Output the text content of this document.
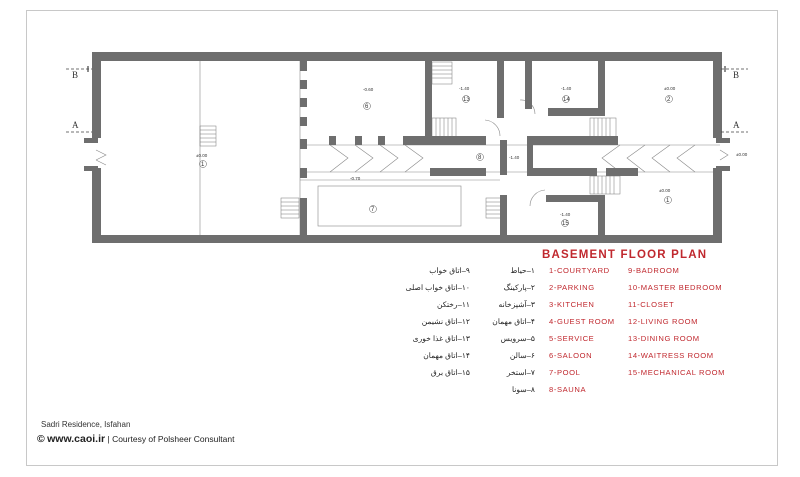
B	B
A	A
-0.60	-1.40	-1.40	±0.00
±0.00
-0.70
-1.40
±0.00
±0.00
-1.40
1
6
13	14	2
8
7
15
1
BASEMENT FLOOR PLAN
1-COURTYARD
2-PARKING
3-KITCHEN
4-GUEST ROOM
5-SERVICE
6-SALOON
7-POOL
8-SAUNA
9-BADROOM
10-MASTER BEDROOM
11-CLOSET
12-LIVING ROOM
13-DINING ROOM
14-WAITRESS ROOM
15-MECHANICAL ROOM
۱–حیاط
۲–پارکینگ
۳–آشپزخانه
۴–اتاق مهمان
۵–سرویس
۶–سالن
۷–استخر
۸–سونا
۹–اتاق خواب
۱۰–اتاق خواب اصلی
۱۱–رختکن
۱۲–اتاق نشیمن
۱۳–اتاق غذا خوری
۱۴–اتاق مهمان
۱۵–اتاق برق
Sadri Residence, Isfahan
© www.caoi.ir | Courtesy of Polsheer Consultant
